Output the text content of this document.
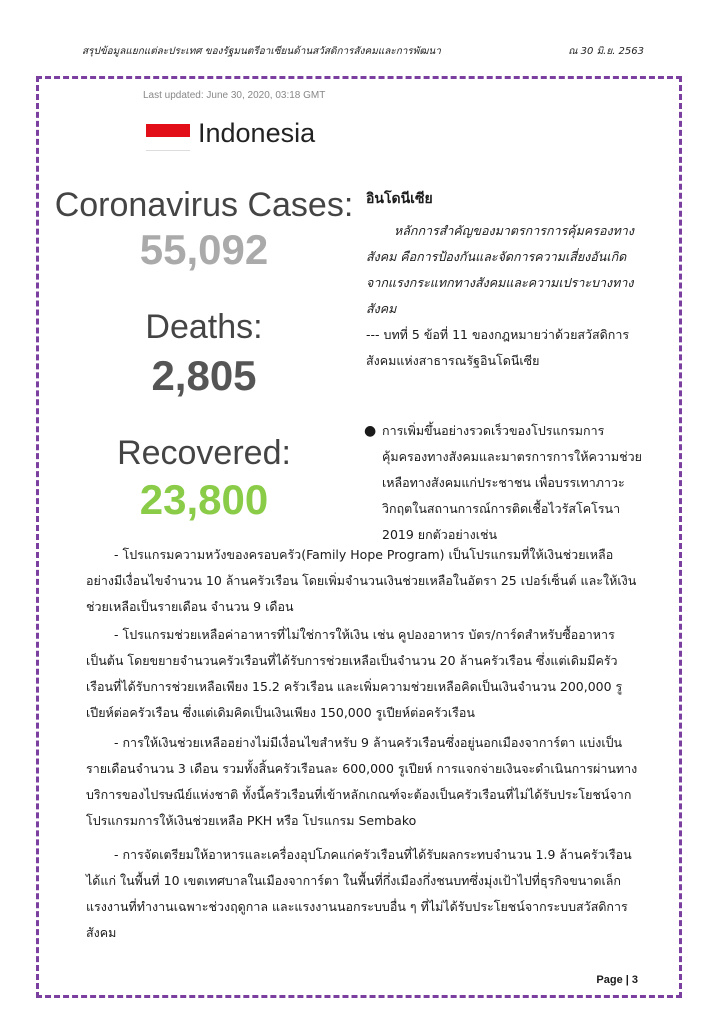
สรุปข้อมูลแยกแต่ละประเทศ ของรัฐมนตรีอาเซียนด้านสวัสดิการสังคมและการพัฒนา	ณ 30 มิ.ย. 2563
Last updated: June 30, 2020, 03:18 GMT
Indonesia
Coronavirus Cases:
55,092
Deaths:
2,805
Recovered:
23,800
อินโดนีเซีย
หลักการสำคัญของมาตรการการคุ้มครองทางสังคม คือการป้องกันและจัดการความเสี่ยงอันเกิดจากแรงกระแทกทางสังคมและความเปราะบางทางสังคม
--- บทที่ 5 ข้อที่ 11 ของกฎหมายว่าด้วยสวัสดิการสังคมแห่งสาธารณรัฐอินโดนีเซีย
● การเพิ่มขึ้นอย่างรวดเร็วของโปรแกรมการคุ้มครองทางสังคมและมาตรการการให้ความช่วยเหลือทางสังคมแก่ประชาชน เพื่อบรรเทาภาวะวิกฤตในสถานการณ์การติดเชื้อไวรัสโคโรนา 2019 ยกตัวอย่างเช่น
- โปรแกรมความหวังของครอบครัว(Family Hope Program) เป็นโปรแกรมที่ให้เงินช่วยเหลืออย่างมีเงื่อนไขจำนวน 10 ล้านครัวเรือน โดยเพิ่มจำนวนเงินช่วยเหลือในอัตรา 25 เปอร์เซ็นต์ และให้เงินช่วยเหลือเป็นรายเดือน จำนวน 9 เดือน
- โปรแกรมช่วยเหลือค่าอาหารที่ไม่ใช่การให้เงิน เช่น คูปองอาหาร บัตร/การ์ดสำหรับซื้ออาหาร เป็นต้น โดยขยายจำนวนครัวเรือนที่ได้รับการช่วยเหลือเป็นจำนวน 20 ล้านครัวเรือน ซึ่งแต่เดิมมีครัวเรือนที่ได้รับการช่วยเหลือเพียง 15.2 ครัวเรือน และเพิ่มความช่วยเหลือคิดเป็นเงินจำนวน 200,000 รูเปียห์ต่อครัวเรือน ซึ่งแต่เดิมคิดเป็นเงินเพียง 150,000 รูเปียห์ต่อครัวเรือน
- การให้เงินช่วยเหลืออย่างไม่มีเงื่อนไขสำหรับ 9 ล้านครัวเรือนซึ่งอยู่นอกเมืองจาการ์ตา แบ่งเป็นรายเดือนจำนวน 3 เดือน รวมทั้งสิ้นครัวเรือนละ 600,000 รูเปียห์ การแจกจ่ายเงินจะดำเนินการผ่านทางบริการของไปรษณีย์แห่งชาติ ทั้งนี้ครัวเรือนที่เข้าหลักเกณฑ์จะต้องเป็นครัวเรือนที่ไม่ได้รับประโยชน์จากโปรแกรมการให้เงินช่วยเหลือ PKH หรือ โปรแกรม Sembako
- การจัดเตรียมให้อาหารและเครื่องอุปโภคแก่ครัวเรือนที่ได้รับผลกระทบจำนวน 1.9 ล้านครัวเรือนได้แก่ ในพื้นที่ 10 เขตเทศบาลในเมืองจาการ์ตา ในพื้นที่กึ่งเมืองกึ่งชนบทซึ่งมุ่งเป้าไปที่ธุรกิจขนาดเล็ก แรงงานที่ทำงานเฉพาะช่วงฤดูกาล และแรงงานนอกระบบอื่น ๆ ที่ไม่ได้รับประโยชน์จากระบบสวัสดิการสังคม
Page | 3
